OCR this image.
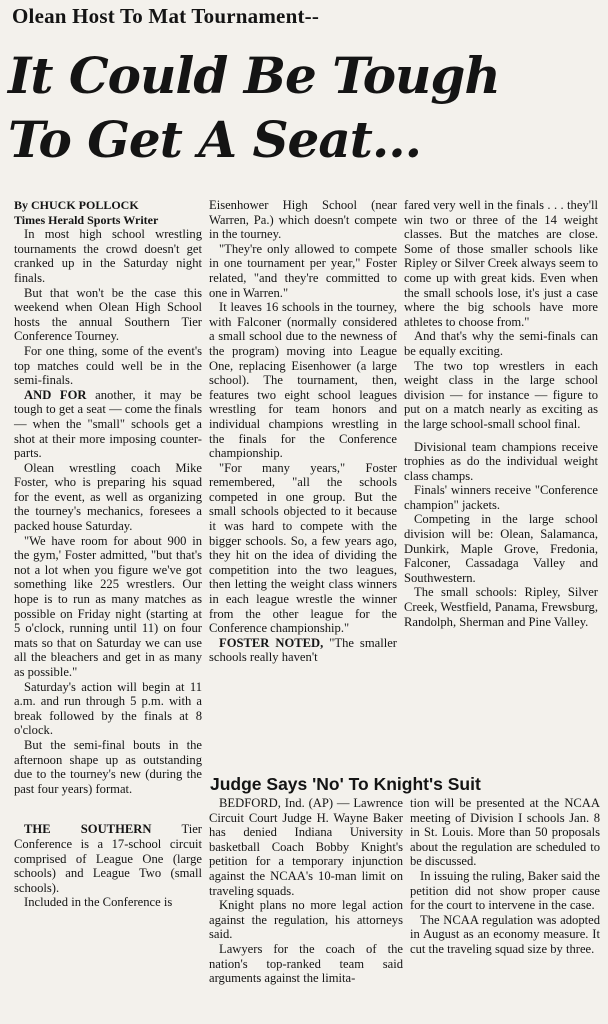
Olean Host To Mat Tournament--
It Could Be Tough
To Get A Seat...

By CHUCK POLLOCK

Times Herald Sports Writer

In most high school wrestling tournaments the crowd doesn't get cranked up in the Saturday night finals.

But that won't be the case this weekend when Olean High School hosts the annual Southern Tier Conference Tourney.

For one thing, some of the event's top matches could well be in the semi-finals.

AND FOR another, it may be tough to get a seat — come the finals — when the "small" schools get a shot at their more imposing counter-parts.

Olean wrestling coach Mike Foster, who is preparing his squad for the event, as well as organizing the tourney's mechanics, foresees a packed house Saturday.

"We have room for about 900 in the gym,' Foster admitted, "but that's not a lot when you figure we've got something like 225 wrestlers. Our hope is to run as many matches as possible on Friday night (starting at 5 o'clock, running until 11) on four mats so that on Saturday we can use all the bleachers and get in as many as possible."

Saturday's action will begin at 11 a.m. and run through 5 p.m. with a break followed by the finals at 8 o'clock.

But the semi-final bouts in the afternoon shape up as outstanding due to the tourney's new (during the past four years) format.

THE SOUTHERN Tier Conference is a 17-school circuit comprised of League One (large schools) and League Two (small schools).

Included in the Conference is

Eisenhower High School (near Warren, Pa.) which doesn't compete in the tourney.

"They're only allowed to compete in one tournament per year," Foster related, "and they're committed to one in Warren."

It leaves 16 schools in the tourney, with Falconer (normally considered a small school due to the newness of the program) moving into League One, replacing Eisenhower (a large school). The tournament, then, features two eight school leagues wrestling for team honors and individual champions wrestling in the finals for the Conference championship.

"For many years," Foster remembered, "all the schools competed in one group. But the small schools objected to it because it was hard to compete with the bigger schools. So, a few years ago, they hit on the idea of dividing the competition into the two leagues, then letting the weight class winners in each league wrestle the winner from the other league for the Conference championship."

FOSTER NOTED, "The smaller schools really haven't

fared very well in the finals . . . they'll win two or three of the 14 weight classes. But the matches are close. Some of those smaller schools like Ripley or Silver Creek always seem to come up with great kids. Even when the small schools lose, it's just a case where the big schools have more athletes to choose from."

And that's why the semi-finals can be equally exciting.

The two top wrestlers in each weight class in the large school division — for instance — figure to put on a match nearly as exciting as the large school-small school final.

Divisional team champions receive trophies as do the individual weight class champs.

Finals' winners receive "Conference champion" jackets.

Competing in the large school division will be: Olean, Salamanca, Dunkirk, Maple Grove, Fredonia, Falconer, Cassadaga Valley and Southwestern.

The small schools: Ripley, Silver Creek, Westfield, Panama, Frewsburg, Randolph, Sherman and Pine Valley.

Judge Says 'No' To Knight's Suit

BEDFORD, Ind. (AP) — Lawrence Circuit Court Judge H. Wayne Baker has denied Indiana University basketball Coach Bobby Knight's petition for a temporary injunction against the NCAA's 10-man limit on traveling squads.

Knight plans no more legal action against the regulation, his attorneys said.

Lawyers for the coach of the nation's top-ranked team said arguments against the limita-

tion will be presented at the NCAA meeting of Division I schools Jan. 8 in St. Louis. More than 50 proposals about the regulation are scheduled to be discussed.

In issuing the ruling, Baker said the petition did not show proper cause for the court to intervene in the case.

The NCAA regulation was adopted in August as an economy measure. It cut the traveling squad size by three.
